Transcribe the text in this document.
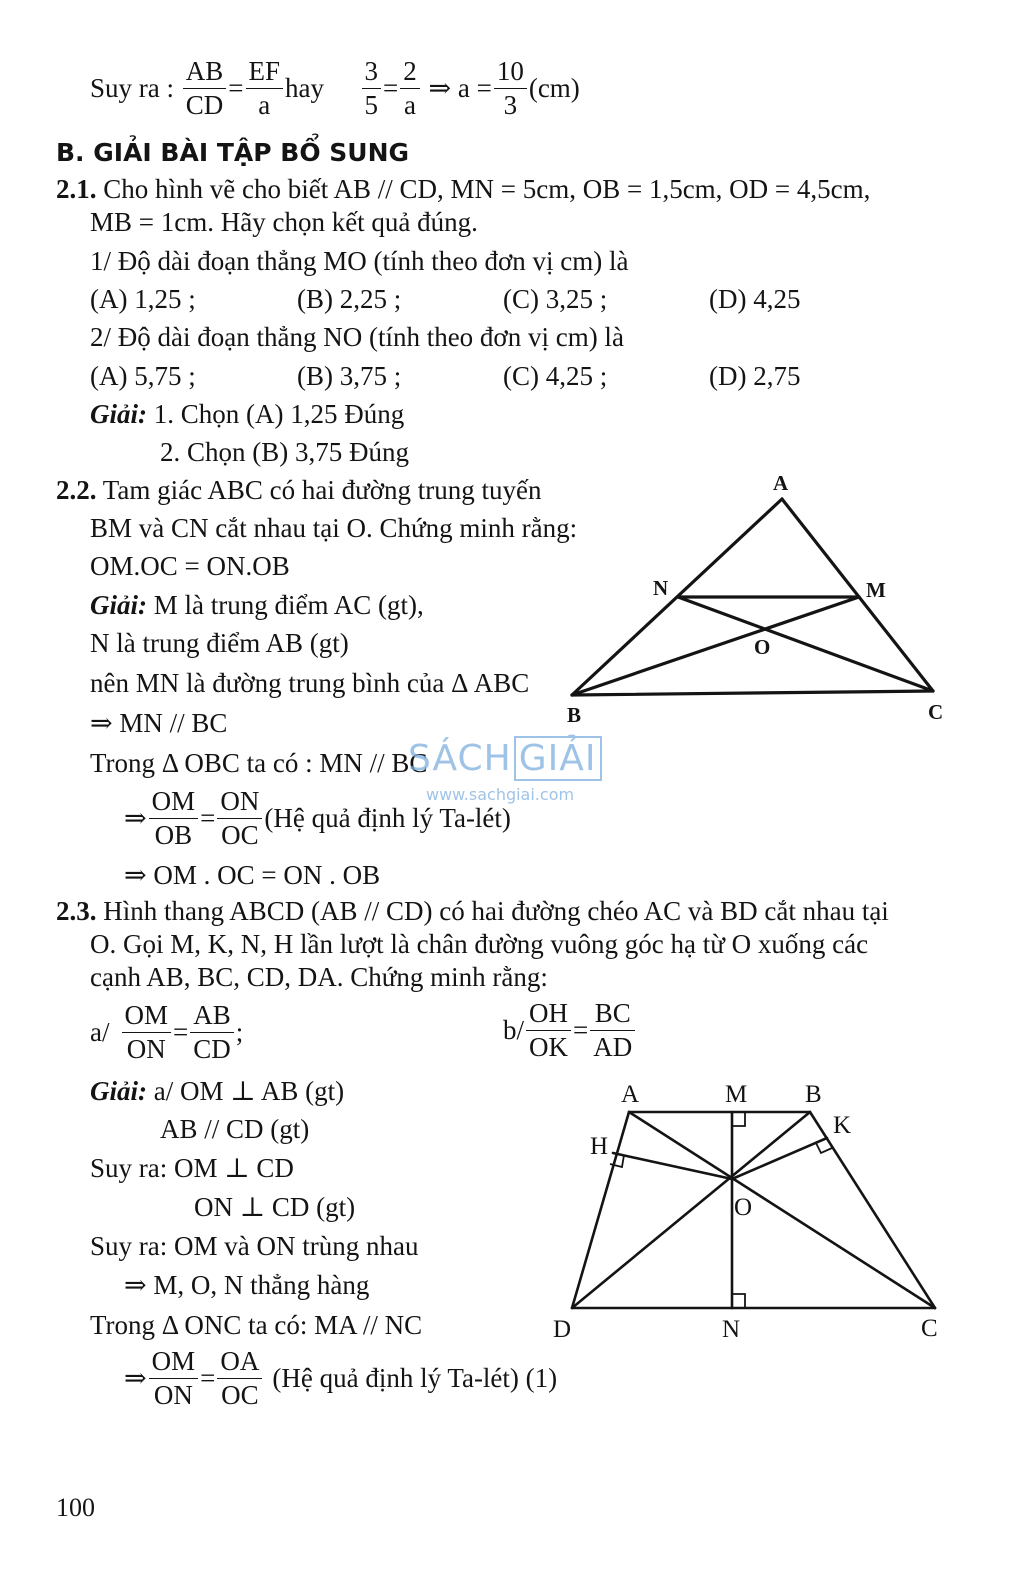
Suy ra : $\frac{AB}{CD} = \frac{EF}{a}$ hay $\frac{3}{5} = \frac{2}{a}$ ⇒ $a = \frac{10}{3} (cm)$
B. GIẢI BÀI TẬP BỔ SUNG
2.1. Cho hình vẽ cho biết AB // CD, MN = 5cm, OB = 1,5cm, OD = 4,5cm,
MB = 1cm. Hãy chọn kết quả đúng.
1/ Độ dài đoạn thẳng MO (tính theo đơn vị cm) là
(A) 1,25 ;	(B) 2,25 ;	(C) 3,25 ;	(D) 4,25
2/ Độ dài đoạn thẳng NO (tính theo đơn vị cm) là
(A) 5,75 ;	(B) 3,75 ;	(C) 4,25 ;	(D) 2,75
Giải: 1. Chọn (A) 1,25 Đúng
2. Chọn (B) 3,75 Đúng
2.2. Tam giác ABC có hai đường trung tuyến
BM và CN cắt nhau tại O. Chứng minh rằng:
OM.OC = ON.OB
Giải: M là trung điểm AC (gt),
N là trung điểm AB (gt)
nên MN là đường trung bình của Δ ABC
⇒ MN // BC
Trong Δ OBC ta có : MN // BC
⇒ $\frac{OM}{OB} = \frac{ON}{OC}$ (Hệ quả định lý Ta-lét)
⇒ OM . OC = ON . OB
A
N	M
O
B	C
SÁCH GIẢI
www.sachgiai.com
2.3. Hình thang ABCD (AB // CD) có hai đường chéo AC và BD cắt nhau tại
O. Gọi M, K, N, H lần lượt là chân đường vuông góc hạ từ O xuống các
cạnh AB, BC, CD, DA. Chứng minh rằng:
$a/ \frac{OM}{ON} = \frac{AB}{CD}$ ;	$b/ \frac{OH}{OK} = \frac{BC}{AD}$
Giải: a/ OM ⊥ AB (gt)
AB // CD (gt)
Suy ra: OM ⊥ CD
ON ⊥ CD (gt)
Suy ra: OM và ON trùng nhau
⇒ M, O, N thẳng hàng
Trong Δ ONC ta có: MA // NC
⇒ $\frac{OM}{ON} = \frac{OA}{OC}$ (Hệ quả định lý Ta-lét) (1)
A	M B
H
K
O
D	N	C
100
